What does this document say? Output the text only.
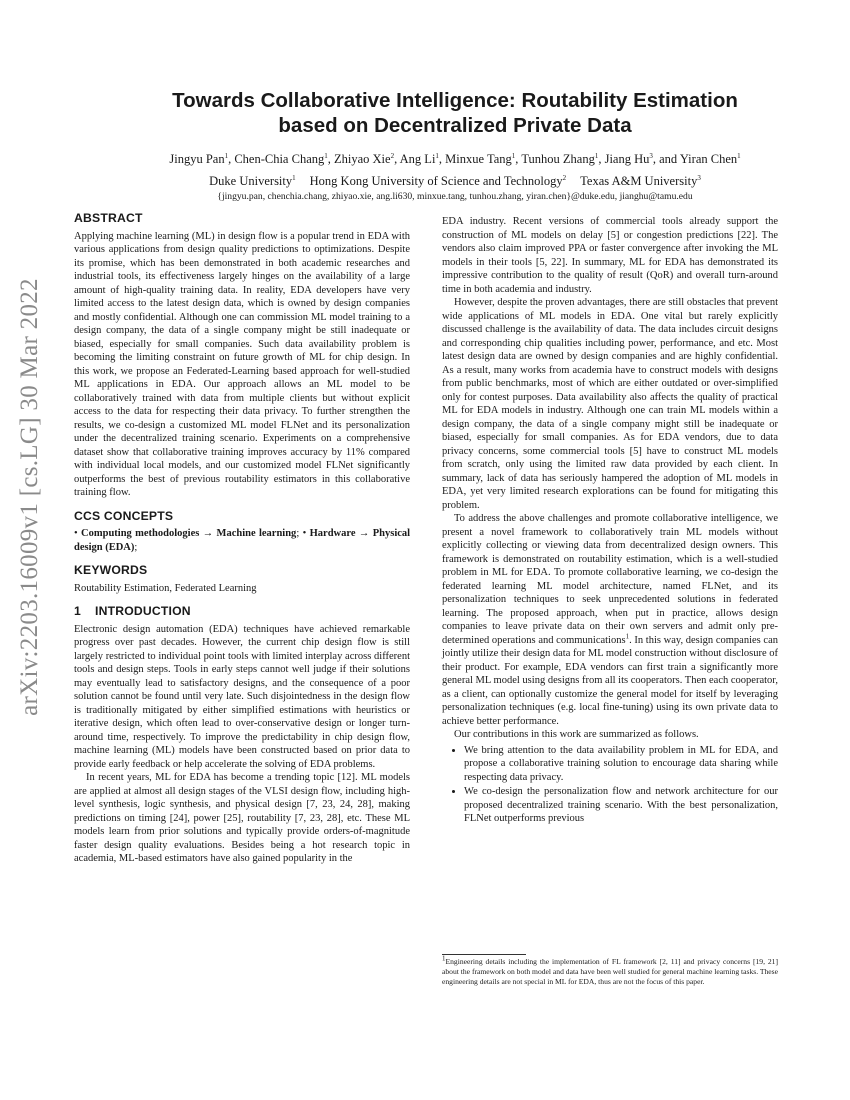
arXiv:2203.16009v1 [cs.LG] 30 Mar 2022
Towards Collaborative Intelligence: Routability Estimation
based on Decentralized Private Data
Jingyu Pan$^1$, Chen-Chia Chang$^1$, Zhiyao Xie$^2$, Ang Li$^1$, Minxue Tang$^1$, Tunhou Zhang$^1$, Jiang Hu$^3$, and Yiran Chen$^1$
Duke University$^1$ Hong Kong University of Science and Technology$^2$ Texas A&M University$^3$
{jingyu.pan, chenchia.chang, zhiyao.xie, ang.li630, minxue.tang, tunhou.zhang, yiran.chen}@duke.edu, jianghu@tamu.edu
ABSTRACT

Applying machine learning (ML) in design flow is a popular trend in EDA with various applications from design quality predictions to optimizations. Despite its promise, which has been demonstrated in both academic researches and industrial tools, its effectiveness largely hinges on the availability of a large amount of high-quality training data. In reality, EDA developers have very limited access to the latest design data, which is owned by design companies and mostly confidential. Although one can commission ML model training to a design company, the data of a single company might be still inadequate or biased, especially for small companies. Such data availability problem is becoming the limiting constraint on future growth of ML for chip design. In this work, we propose an Federated-Learning based approach for well-studied ML applications in EDA. Our approach allows an ML model to be collaboratively trained with data from multiple clients but without explicit access to the data for respecting their data privacy. To further strengthen the results, we co-design a customized ML model FLNet and its personalization under the decentralized training scenario. Experiments on a comprehensive dataset show that collaborative training improves accuracy by 11% compared with individual local models, and our customized model FLNet significantly outperforms the best of previous routability estimators in this collaborative training flow.

CCS CONCEPTS

• Computing methodologies → Machine learning; • Hardware → Physical design (EDA);

KEYWORDS

Routability Estimation, Federated Learning

1 INTRODUCTION

Electronic design automation (EDA) techniques have achieved remarkable progress over past decades. However, the current chip design flow is still largely restricted to individual point tools with limited interplay across different tools and design steps. Tools in early steps cannot well judge if their solutions may eventually lead to satisfactory designs, and the consequence of a poor solution cannot be found until very late. Such disjointedness in the design flow is traditionally mitigated by either simplified estimations with heuristics or iterative design, which often lead to over-conservative design or longer turn-around time, respectively. To improve the predictability in chip design flow, machine learning (ML) models have been constructed based on prior data to provide early feedback or help accelerate the solving of EDA problems.

In recent years, ML for EDA has become a trending topic [12]. ML models are applied at almost all design stages of the VLSI design flow, including high-level synthesis, logic synthesis, and physical design [7, 23, 24, 28], making predictions on timing [24], power [25], routability [7, 23, 28], etc. These ML models learn from prior solutions and typically provide orders-of-magnitude faster design quality evaluations. Besides being a hot research topic in academia, ML-based estimators have also gained popularity in the

EDA industry. Recent versions of commercial tools already support the construction of ML models on delay [5] or congestion predictions [22]. The vendors also claim improved PPA or faster convergence after invoking the ML models in their tools [5, 22]. In summary, ML for EDA has demonstrated its impressive contribution to the quality of result (QoR) and overall turn-around time in both academia and industry.

However, despite the proven advantages, there are still obstacles that prevent wide applications of ML models in EDA. One vital but rarely explicitly discussed challenge is the availability of data. The data includes circuit designs and corresponding chip qualities including power, performance, and etc. Most latest design data are owned by design companies and are highly confidential. As a result, many works from academia have to construct models with designs from public benchmarks, most of which are either outdated or over-simplified only for contest purposes. Data availability also affects the quality of practical ML for EDA models in industry. Although one can train ML models within a design company, the data of a single company might still be inadequate or biased, especially for small companies. As for EDA vendors, due to data privacy concerns, some commercial tools [5] have to construct ML models from scratch, only using the limited raw data provided by each client. In summary, lack of data has seriously hampered the adoption of ML models in EDA, yet very limited research explorations can be found for mitigating this problem.

To address the above challenges and promote collaborative intelligence, we present a novel framework to collaboratively train ML models without explicitly collecting or viewing data from decentralized design owners. This framework is demonstrated on routability estimation, which is a well-studied problem in ML for EDA. To promote collaborative learning, we co-design the federated learning ML model architecture, named FLNet, and its personalization techniques to seek unprecedented solutions in federated learning. The proposed approach, when put in practice, allows design companies to leave private data on their own servers and admit only pre-determined operations and communications$^1$. In this way, design companies can jointly utilize their design data for ML model construction without disclosure of their product. For example, EDA vendors can first train a significantly more general ML model using designs from all its cooperators. Then each cooperator, as a client, can optionally customize the general model for itself by leveraging personalization techniques (e.g. local fine-tuning) using its own private data to achieve better performance.

Our contributions in this work are summarized as follows.

• We bring attention to the data availability problem in ML for EDA, and propose a collaborative training solution to encourage data sharing while respecting data privacy.
• We co-design the personalization flow and network architecture for our proposed decentralized training scenario. With the best personalization, FLNet outperforms previous
$^1$Engineering details including the implementation of FL framework [2, 11] and privacy concerns [19, 21] about the framework on both model and data have been well studied for general machine learning tasks. These engineering details are not special in ML for EDA, thus are not the focus of this paper.
